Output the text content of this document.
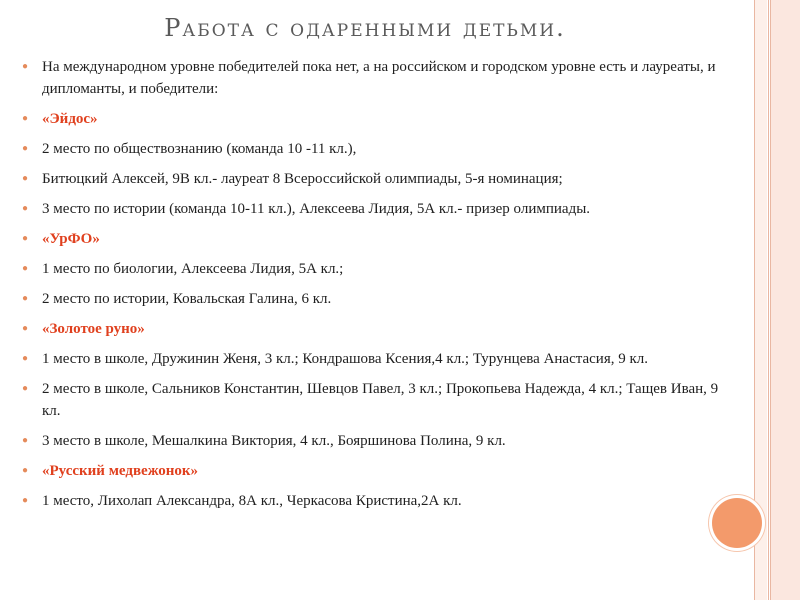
Работа с одаренными детьми.
● На международном уровне победителей пока нет, а на российском и городском уровне есть и лауреаты, и дипломанты, и победители:
● «Эйдос»
● 2 место по обществознанию (команда 10 -11 кл.),
● Битюцкий Алексей, 9В кл.- лауреат 8 Всероссийской олимпиады, 5-я номинация;
● 3 место по истории (команда 10-11 кл.), Алексеева Лидия, 5А кл.- призер олимпиады.
● «УрФО»
● 1 место по биологии, Алексеева Лидия, 5А кл.;
● 2 место по истории, Ковальская Галина, 6 кл.
● «Золотое руно»
● 1 место в школе, Дружинин Женя, 3 кл.; Кондрашова Ксения,4 кл.; Турунцева Анастасия, 9 кл.
● 2 место в школе, Сальников Константин, Шевцов Павел, 3 кл.; Прокопьева Надежда, 4 кл.; Тащев Иван, 9 кл.
● 3 место в школе, Мешалкина Виктория, 4 кл., Бояршинова Полина, 9 кл.
● «Русский медвежонок»
● 1 место, Лихолап Александра, 8А кл., Черкасова Кристина,2А кл.
